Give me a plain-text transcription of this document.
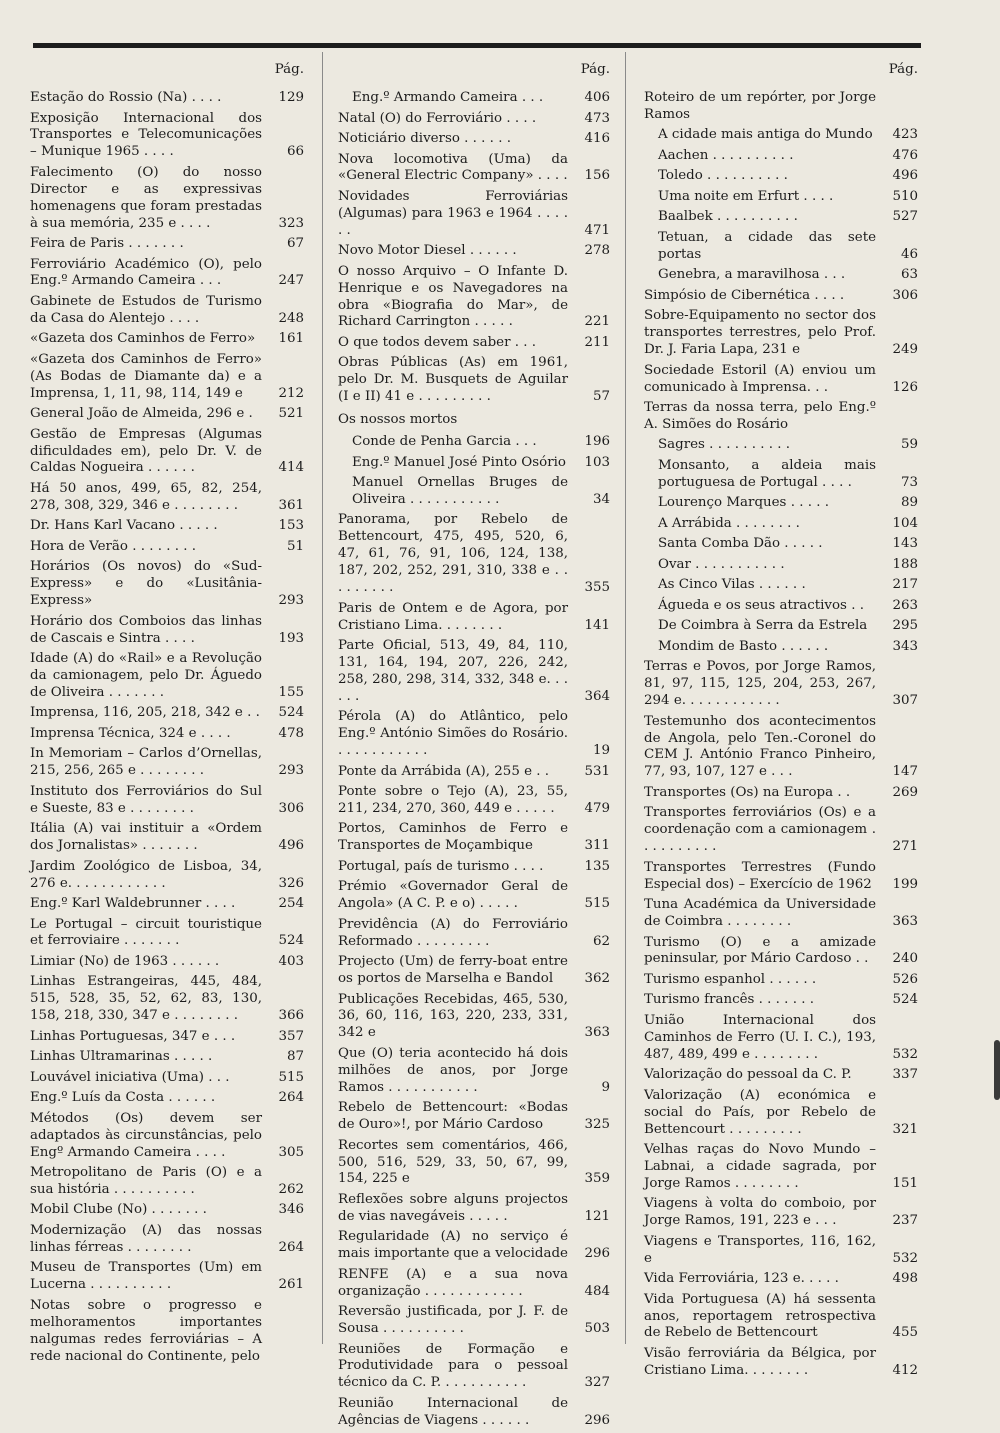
Pág.
Estação do Rossio (Na) . . . .	129
Exposição Internacional dos Transportes e Telecomunicações – Munique 1965 . . . .	66
Falecimento (O) do nosso Director e as expressivas homenagens que foram prestadas à sua memória, 235 e . . . .	323
Feira de Paris . . . . . . .	67
Ferroviário Académico (O), pelo Eng.º Armando Cameira . . .	247
Gabinete de Estudos de Turismo da Casa do Alentejo . . . .	248
«Gazeta dos Caminhos de Ferro»	161
«Gazeta dos Caminhos de Ferro» (As Bodas de Diamante da) e a Imprensa, 1, 11, 98, 114, 149 e	212
General João de Almeida, 296 e .	521
Gestão de Empresas (Algumas dificuldades em), pelo Dr. V. de Caldas Nogueira . . . . . .	414
Há 50 anos, 499, 65, 82, 254, 278, 308, 329, 346 e . . . . . . . .	361
Dr. Hans Karl Vacano . . . . .	153
Hora de Verão . . . . . . . .	51
Horários (Os novos) do «Sud-Express» e do «Lusitânia-Express»	293
Horário dos Comboios das linhas de Cascais e Sintra . . . .	193
Idade (A) do «Rail» e a Revolução da camionagem, pelo Dr. Águedo de Oliveira . . . . . . .	155
Imprensa, 116, 205, 218, 342 e . .	524
Imprensa Técnica, 324 e . . . .	478
In Memoriam – Carlos d’Ornellas, 215, 256, 265 e . . . . . . . .	293
Instituto dos Ferroviários do Sul e Sueste, 83 e . . . . . . . .	306
Itália (A) vai instituir a «Ordem dos Jornalistas» . . . . . . .	496
Jardim Zoológico de Lisboa, 34, 276 e. . . . . . . . . . . .	326
Eng.º Karl Waldebrunner . . . .	254
Le Portugal – circuit touristique et ferroviaire . . . . . . .	524
Limiar (No) de 1963 . . . . . .	403
Linhas Estrangeiras, 445, 484, 515, 528, 35, 52, 62, 83, 130, 158, 218, 330, 347 e . . . . . . . .	366
Linhas Portuguesas, 347 e . . .	357
Linhas Ultramarinas . . . . .	87
Louvável iniciativa (Uma) . . .	515
Eng.º Luís da Costa . . . . . .	264
Métodos (Os) devem ser adaptados às circunstâncias, pelo Engº Armando Cameira . . . .	305
Metropolitano de Paris (O) e a sua história . . . . . . . . . .	262
Mobil Clube (No) . . . . . . .	346
Modernização (A) das nossas linhas férreas . . . . . . . .	264
Museu de Transportes (Um) em Lucerna . . . . . . . . . .	261
Notas sobre o progresso e melhoramentos importantes nalgumas redes ferroviárias – A rede nacional do Continente, pelo
Pág.
Eng.º Armando Cameira . . .	406
Natal (O) do Ferroviário . . . .	473
Noticiário diverso . . . . . .	416
Nova locomotiva (Uma) da «General Electric Company» . . . .	156
Novidades Ferroviárias (Algumas) para 1963 e 1964 . . . . . .	471
Novo Motor Diesel . . . . . .	278
O nosso Arquivo – O Infante D. Henrique e os Navegadores na obra «Biografia do Mar», de Richard Carrington . . . . .	221
O que todos devem saber . . .	211
Obras Públicas (As) em 1961, pelo Dr. M. Busquets de Aguilar (I e II) 41 e . . . . . . . . .	57
Os nossos mortos
Conde de Penha Garcia . . .	196
Eng.º Manuel José Pinto Osório	103
Manuel Ornellas Bruges de Oliveira . . . . . . . . . . .	34
Panorama, por Rebelo de Bettencourt, 475, 495, 520, 6, 47, 61, 76, 91, 106, 124, 138, 187, 202, 252, 291, 310, 338 e . . . . . . . . .	355
Paris de Ontem e de Agora, por Cristiano Lima. . . . . . . .	141
Parte Oficial, 513, 49, 84, 110, 131, 164, 194, 207, 226, 242, 258, 280, 298, 314, 332, 348 e. . . . . .	364
Pérola (A) do Atlântico, pelo Eng.º António Simões do Rosário. . . . . . . . . . . .	19
Ponte da Arrábida (A), 255 e . .	531
Ponte sobre o Tejo (A), 23, 55, 211, 234, 270, 360, 449 e . . . . .	479
Portos, Caminhos de Ferro e Transportes de Moçambique	311
Portugal, país de turismo . . . .	135
Prémio «Governador Geral de Angola» (A C. P. e o) . . . . .	515
Previdência (A) do Ferroviário Reformado . . . . . . . . .	62
Projecto (Um) de ferry-boat entre os portos de Marselha e Bandol	362
Publicações Recebidas, 465, 530, 36, 60, 116, 163, 220, 233, 331, 342 e	363
Que (O) teria acontecido há dois milhões de anos, por Jorge Ramos . . . . . . . . . . .	9
Rebelo de Bettencourt: «Bodas de Ouro»!, por Mário Cardoso	325
Recortes sem comentários, 466, 500, 516, 529, 33, 50, 67, 99, 154, 225 e	359
Reflexões sobre alguns projectos de vias navegáveis . . . . .	121
Regularidade (A) no serviço é mais importante que a velocidade	296
RENFE (A) e a sua nova organização . . . . . . . . . . . .	484
Reversão justificada, por J. F. de Sousa . . . . . . . . . .	503
Reuniões de Formação e Produtividade para o pessoal técnico da C. P. . . . . . . . . . .	327
Reunião Internacional de Agências de Viagens . . . . . .	296
Pág.
Roteiro de um repórter, por Jorge Ramos
A cidade mais antiga do Mundo	423
Aachen . . . . . . . . . .	476
Toledo . . . . . . . . . .	496
Uma noite em Erfurt . . . .	510
Baalbek . . . . . . . . . .	527
Tetuan, a cidade das sete portas	46
Genebra, a maravilhosa . . .	63
Simpósio de Cibernética . . . .	306
Sobre-Equipamento no sector dos transportes terrestres, pelo Prof. Dr. J. Faria Lapa, 231 e	249
Sociedade Estoril (A) enviou um comunicado à Imprensa. . .	126
Terras da nossa terra, pelo Eng.º A. Simões do Rosário
Sagres . . . . . . . . . .	59
Monsanto, a aldeia mais portuguesa de Portugal . . . .	73
Lourenço Marques . . . . .	89
A Arrábida . . . . . . . .	104
Santa Comba Dão . . . . .	143
Ovar . . . . . . . . . . .	188
As Cinco Vilas . . . . . .	217
Águeda e os seus atractivos . .	263
De Coimbra à Serra da Estrela	295
Mondim de Basto . . . . . .	343
Terras e Povos, por Jorge Ramos, 81, 97, 115, 125, 204, 253, 267, 294 e. . . . . . . . . . . .	307
Testemunho dos acontecimentos de Angola, pelo Ten.-Coronel do CEM J. António Franco Pinheiro, 77, 93, 107, 127 e . . .	147
Transportes (Os) na Europa . .	269
Transportes ferroviários (Os) e a coordenação com a camionagem . . . . . . . . . .	271
Transportes Terrestres (Fundo Especial dos) – Exercício de 1962	199
Tuna Académica da Universidade de Coimbra . . . . . . . .	363
Turismo (O) e a amizade peninsular, por Mário Cardoso . .	240
Turismo espanhol . . . . . .	526
Turismo francês . . . . . . .	524
União Internacional dos Caminhos de Ferro (U. I. C.), 193, 487, 489, 499 e . . . . . . . .	532
Valorização do pessoal da C. P.	337
Valorização (A) económica e social do País, por Rebelo de Bettencourt . . . . . . . . .	321
Velhas raças do Novo Mundo – Labnai, a cidade sagrada, por Jorge Ramos . . . . . . . .	151
Viagens à volta do comboio, por Jorge Ramos, 191, 223 e . . .	237
Viagens e Transportes, 116, 162, e	532
Vida Ferroviária, 123 e. . . . .	498
Vida Portuguesa (A) há sessenta anos, reportagem retrospectiva de Rebelo de Bettencourt	455
Visão ferroviária da Bélgica, por Cristiano Lima. . . . . . . .	412
